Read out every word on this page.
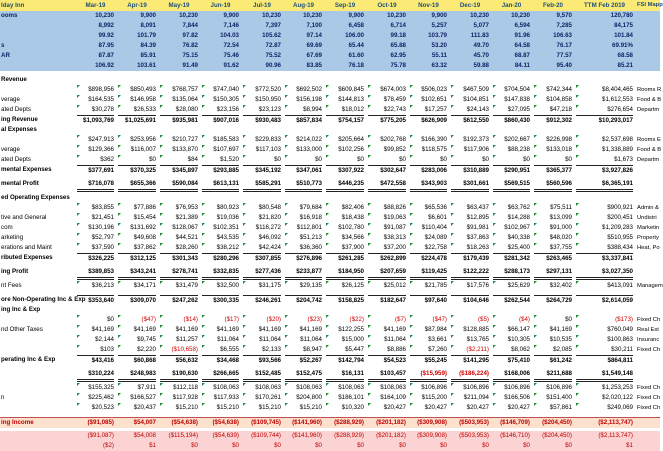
lday Inn	Mar-19	Apr-19	May-19	Jun-19	Jul-19	Aug-19	Sep-19	Oct-19	Nov-19	Dec-19	Jan-20	Feb-20	TTM Feb 2019	FSI Mapp
ooms	10,230	9,900	10,230	9,900	10,230	10,230	9,900	10,230	9,900	10,230	10,230	9,570	120,780
8,992	8,091	7,844	7,146	7,397	7,100	6,458	6,714	5,257	5,077	6,594	7,285	84,175
99.92	101.79	97.82	104.03	105.62	97.14	106.00	99.18	103.79	111.83	91.96	106.63	101.84
s	87.95	84.39	76.82	72.54	72.87	69.69	65.44	65.88	53.20	49.70	64.58	76.17	69.91%
AR	87.87	85.91	75.15	75.46	75.52	67.69	61.60	62.95	55.11	45.70	68.87	77.57	68.58
106.92	103.61	91.49	91.62	90.96	83.85	76.18	75.78	63.32	59.88	84.11	95.40	85.21
Revenue
$898,956	$850,493	$768,757	$747,040	$772,520	$692,502	$609,845	$674,003	$506,023	$467,509	$704,504	$742,344	$8,404,465 Rooms R
verage	$164,535	$146,958	$135,064	$150,305	$150,950	$156,198	$144,813	$78,459	$102,651	$104,851	$147,838	$104,858	$1,612,553 Food & B
ated Depts	$30,278	$26,533	$28,080	$23,156	$23,123	$8,994	$18,012	$22,743	$17,257	$24,143	$27,095	$47,218	$276,654 Departm
ing Revenue	$1,093,769	$1,025,691	$935,981	$907,016	$930,483	$857,834	$754,157	$775,205	$626,909	$612,550	$860,430	$912,302	$10,293,017
al Expenses
$247,913	$253,956	$210,727	$185,583	$229,833	$214,022	$205,664	$202,768	$166,390	$192,373	$202,667	$226,998	$2,537,698 Rooms E
verage	$129,366	$116,007	$133,870	$107,697	$117,103	$133,000	$102,256	$99,852	$118,575	$117,906	$88,238	$133,018	$1,338,889 Food & B
ated Depts	$362	$0	$84	$1,520	$0	$0	$0	$0	$0	$0	$0	$0	$1,673 Departm
mental Expenses	$377,691	$370,325	$345,897	$293,885	$345,192	$347,061	$307,922	$302,647	$283,006	$310,889	$290,951	$365,377	$3,927,826
mental Profit	$716,078	$655,366	$590,084	$613,131	$585,291	$510,773	$446,235	$472,558	$343,903	$301,661	$569,515	$560,596	$6,365,191
ed Operating Expenses
$83,855	$77,886	$76,953	$80,923	$80,548	$79,684	$82,406	$88,826	$65,536	$63,437	$63,762	$75,511	$900,921 Admin &
tive and General	$21,451	$15,454	$21,389	$19,036	$21,820	$16,918	$18,438	$19,063	$6,601	$12,895	$14,288	$13,099	$200,451 Undistri
com	$130,196	$131,692	$128,067	$102,351	$116,272	$112,801	$102,780	$91,087	$110,404	$91,981	$102,967	$91,000	$1,209,283 Marketin
arketing	$52,797	$49,608	$44,521	$43,535	$46,092	$51,213	$34,566	$38,313	$24,089	$37,863	$40,338	$48,020	$510,955 Property
erations and Maint	$37,590	$37,862	$28,260	$38,212	$42,424	$36,360	$37,900	$37,200	$22,758	$18,263	$25,400	$37,755	$388,434 Heat, Po
ributed Expenses	$326,225	$312,125	$301,343	$280,296	$307,855	$276,896	$261,285	$262,899	$224,478	$179,439	$281,342	$263,465	$3,337,841
ing Profit	$389,853	$343,241	$278,741	$332,835	$277,436	$233,877	$184,950	$207,659	$119,425	$122,222	$288,173	$297,131	$3,027,350
nt Fees	$36,213	$34,171	$31,479	$32,500	$31,175	$29,135	$26,125	$25,012	$21,785	$17,576	$25,629	$32,402	$413,091 Managem
ore Non-Operating Inc & Exp $353,640	$309,070	$247,262	$300,335	$246,261	$204,742	$158,825	$182,647	$97,640	$104,646	$262,544	$264,729	$2,614,059
ing Inc & Exp
$0	($47)	($14)	($17)	($20)	($23)	($22)	($7)	($47)	($5)	($4)	$0	($173) Fixed Ch
nd Other Taxes	$41,169	$41,169	$41,169	$41,169	$41,169	$41,169	$122,255	$41,169	$87,984	$128,885	$66,147	$41,169	$760,049 Real Est
$2,144	$9,745	$11,257	$11,064	$11,064	$11,064	$15,000	$11,064	$3,661	$13,765	$10,305	$10,535	$100,863 Insuranc
$103	$2,220	($10,658)	$6,555	$2,133	$8,947	$5,447	$8,886	$7,260	($2,211)	$8,062	$2,085	$30,211 Fixed Ch
perating Inc & Exp	$43,416	$60,868	$56,632	$34,468	$93,566	$52,267	$142,794	$54,523	$55,245	$141,295	$75,410	$61,242	$864,811
$310,224	$248,983	$190,630	$266,665	$152,485	$152,475	$16,131	$103,457	($15,959)	($186,224)	$168,006	$211,688	$1,549,148
$155,325	$7,911	$112,118	$108,063	$108,063	$108,063	$108,063	$108,063	$106,896	$106,896	$106,896	$106,896	$1,253,253 Fixed Ch
n	$225,462	$166,527	$117,928	$117,933	$170,261	$204,800	$186,101	$164,109	$115,200	$211,094	$166,506	$151,400	$2,020,122 Fixed Ch
$20,523	$20,437	$15,210	$15,210	$15,210	$15,210	$10,320	$20,427	$20,427	$20,427	$20,427	$57,861	$249,069 Fixed Ch
ing Income	($91,085)	$54,007	($54,638)	($54,638)	($109,745)	($141,960)	($288,929)	($201,182)	($309,908)	($503,953)	($146,709)	($204,450)	($2,113,747)
($91,087)	$54,008	($115,194)	($54,639)	($109,744)	($141,960)	($288,929)	($201,182)	($309,908)	($503,953)	($146,710)	($204,450)	($2,113,747)
($2)	$1	$0	$0	$0	$0	$0	$0	$0	$0	$0	$0	$1
